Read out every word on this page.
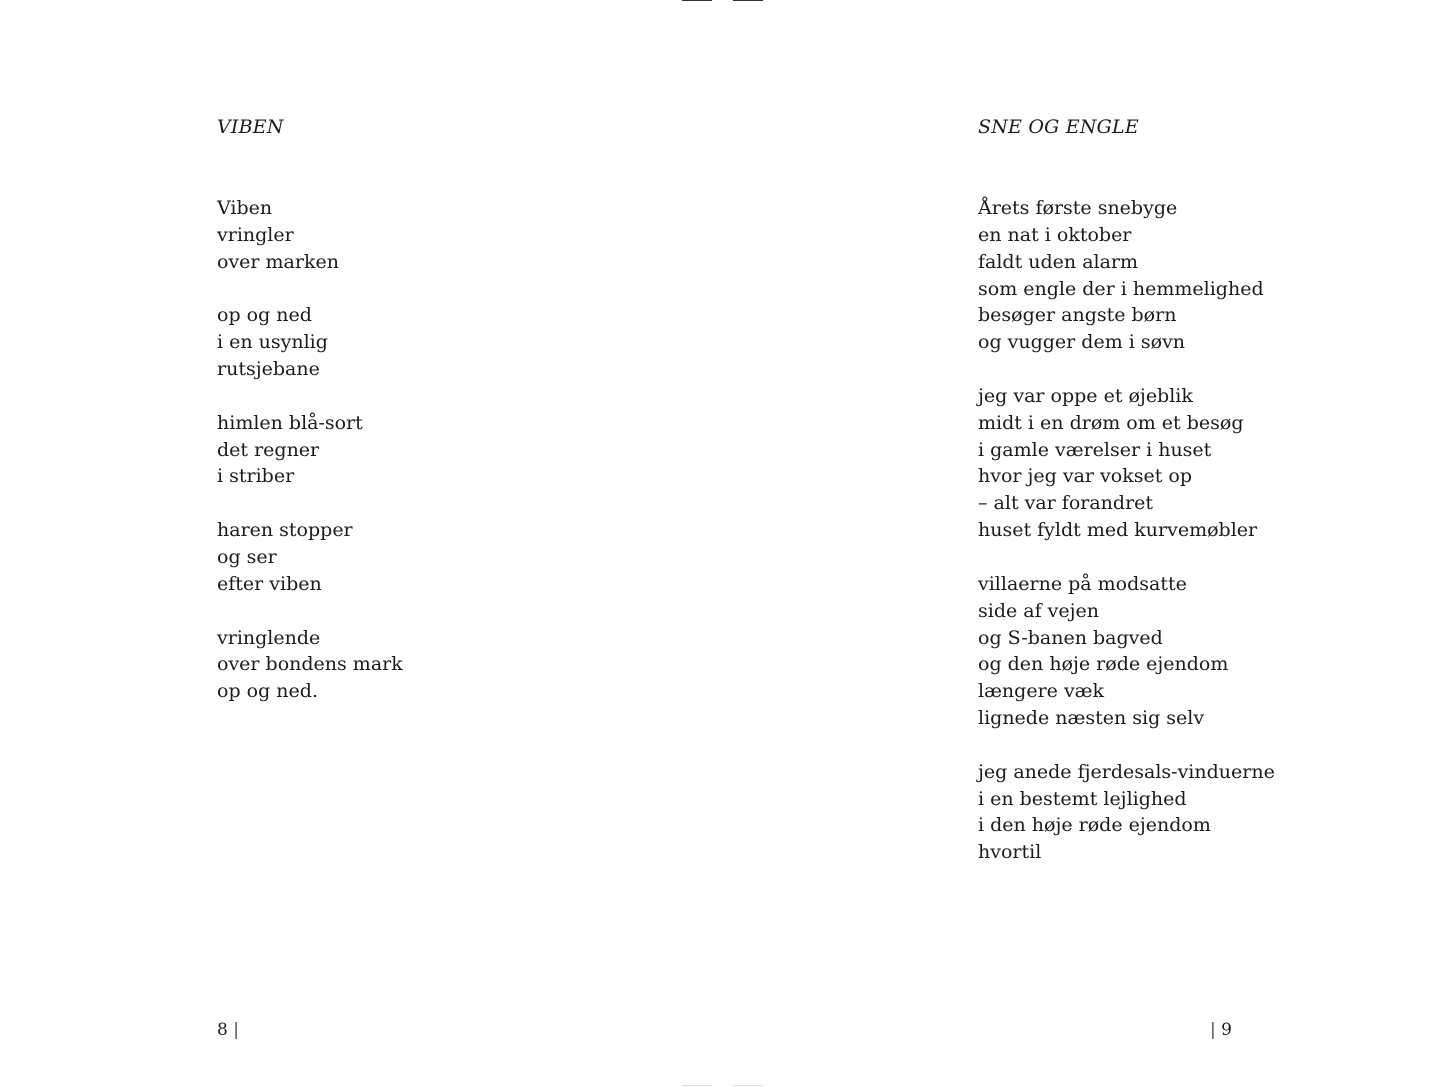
VIBEN
Viben
vringler
over marken
op og ned
i en usynlig
rutsjebane
himlen blå-sort
det regner
i striber
haren stopper
og ser
efter viben
vringlende
over bondens mark
op og ned.
SNE OG ENGLE
Årets første snebyge
en nat i oktober
faldt uden alarm
som engle der i hemmelighed
besøger angste børn
og vugger dem i søvn
jeg var oppe et øjeblik
midt i en drøm om et besøg
i gamle værelser i huset
hvor jeg var vokset op
– alt var forandret
huset fyldt med kurvemøbler
villaerne på modsatte
side af vejen
og S-banen bagved
og den høje røde ejendom
længere væk
lignede næsten sig selv
jeg anede fjerdesals-vinduerne
i en bestemt lejlighed
i den høje røde ejendom
hvortil
8 |	| 9
